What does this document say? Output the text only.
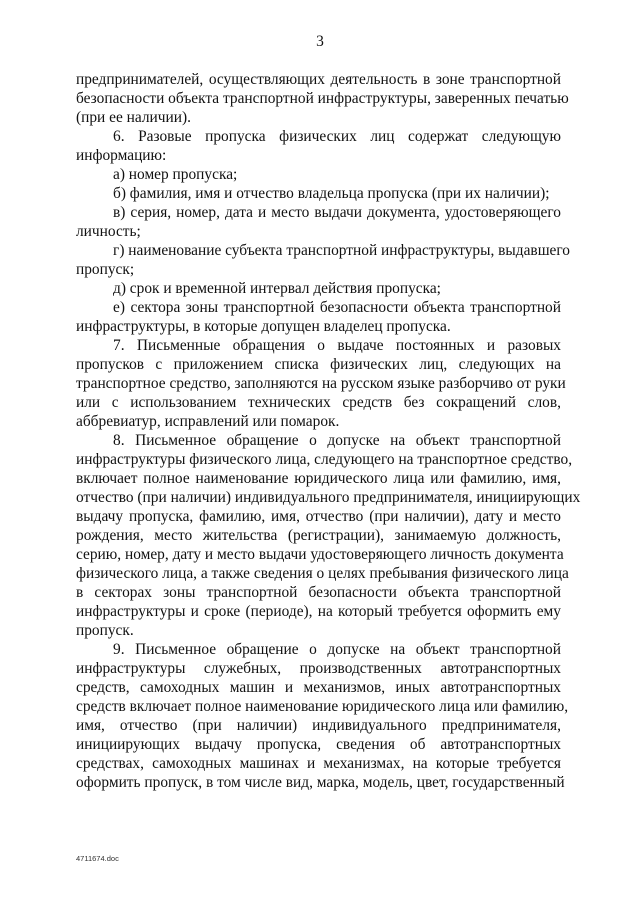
3
предпринимателей, осуществляющих деятельность в зоне транспортной
безопасности объекта транспортной инфраструктуры, заверенных печатью
(при ее наличии).
6. Разовые пропуска физических лиц содержат следующую
информацию:
а) номер пропуска;
б) фамилия, имя и отчество владельца пропуска (при их наличии);
в) серия, номер, дата и место выдачи документа, удостоверяющего
личность;
г) наименование субъекта транспортной инфраструктуры, выдавшего
пропуск;
д) срок и временной интервал действия пропуска;
е) сектора зоны транспортной безопасности объекта транспортной
инфраструктуры, в которые допущен владелец пропуска.
7. Письменные обращения о выдаче постоянных и разовых
пропусков с приложением списка физических лиц, следующих на
транспортное средство, заполняются на русском языке разборчиво от руки
или с использованием технических средств без сокращений слов,
аббревиатур, исправлений или помарок.
8. Письменное обращение о допуске на объект транспортной
инфраструктуры физического лица, следующего на транспортное средство,
включает полное наименование юридического лица или фамилию, имя,
отчество (при наличии) индивидуального предпринимателя, инициирующих
выдачу пропуска, фамилию, имя, отчество (при наличии), дату и место
рождения, место жительства (регистрации), занимаемую должность,
серию, номер, дату и место выдачи удостоверяющего личность документа
физического лица, а также сведения о целях пребывания физического лица
в секторах зоны транспортной безопасности объекта транспортной
инфраструктуры и сроке (периоде), на который требуется оформить ему
пропуск.
9. Письменное обращение о допуске на объект транспортной
инфраструктуры служебных, производственных автотранспортных
средств, самоходных машин и механизмов, иных автотранспортных
средств включает полное наименование юридического лица или фамилию,
имя, отчество (при наличии) индивидуального предпринимателя,
инициирующих выдачу пропуска, сведения об автотранспортных
средствах, самоходных машинах и механизмах, на которые требуется
оформить пропуск, в том числе вид, марка, модель, цвет, государственный
4711674.doc
